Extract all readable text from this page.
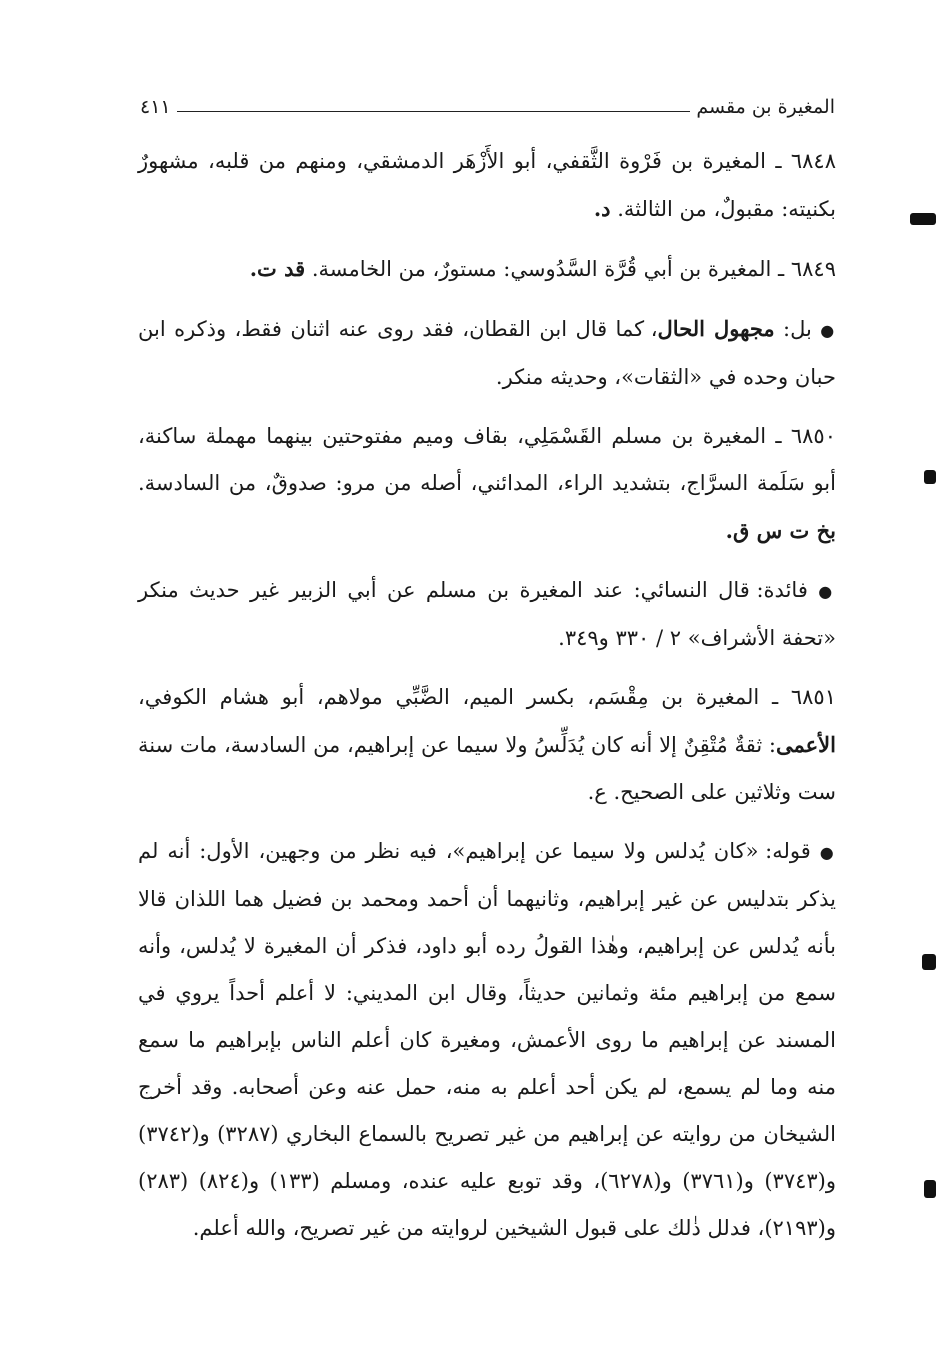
المغيرة بن مقسم
٤١١

٦٨٤٨ ـ المغيرة بن فَرْوة الثَّقفي، أبو الأَزْهَر الدمشقي، ومنهم من قلبه، مشهورٌ بكنيته: مقبولٌ، من الثالثة. د.

٦٨٤٩ ـ المغيرة بن أبي قُرَّة السَّدُوسي: مستورٌ، من الخامسة. قد ت.

● بل: مجهول الحال، كما قال ابن القطان، فقد روى عنه اثنان فقط، وذكره ابن حبان وحده في «الثقات»، وحديثه منكر.

٦٨٥٠ ـ المغيرة بن مسلم القَسْمَلِي، بقاف وميم مفتوحتين بينهما مهملة ساكنة، أبو سَلَمة السرَّاج، بتشديد الراء، المدائني، أصله من مرو: صدوقٌ، من السادسة. بخ ت س ق.

● فائدة: قال النسائي: عند المغيرة بن مسلم عن أبي الزبير غير حديث منكر «تحفة الأشراف» ٢ / ٣٣٠ و٣٤٩.

٦٨٥١ ـ المغيرة بن مِقْسَم، بكسر الميم، الضَّبِّي مولاهم، أبو هشام الكوفي، الأعمى: ثقةٌ مُتْقِنٌ إلا أنه كان يُدَلِّسُ ولا سيما عن إبراهيم، من السادسة، مات سنة ست وثلاثين على الصحيح. ع.

● قوله: «كان يُدلس ولا سيما عن إبراهيم»، فيه نظر من وجهين، الأول: أنه لم يذكر بتدليس عن غير إبراهيم، وثانيهما أن أحمد ومحمد بن فضيل هما اللذان قالا بأنه يُدلس عن إبراهيم، وهٰذا القولُ رده أبو داود، فذكر أن المغيرة لا يُدلس، وأنه سمع من إبراهيم مئة وثمانين حديثاً، وقال ابن المديني: لا أعلم أحداً يروي في المسند عن إبراهيم ما روى الأعمش، ومغيرة كان أعلم الناس بإبراهيم ما سمع منه وما لم يسمع، لم يكن أحد أعلم به منه، حمل عنه وعن أصحابه. وقد أخرج الشيخان من روايته عن إبراهيم من غير تصريح بالسماع البخاري (٣٢٨٧) و(٣٧٤٢) و(٣٧٤٣) و(٣٧٦١) و(٦٢٧٨)، وقد توبع عليه عنده، ومسلم (١٣٣) و(٨٢٤) (٢٨٣) و(٢١٩٣)، فدلل ذٰلك على قبول الشيخين لروايته من غير تصريح، والله أعلم.
